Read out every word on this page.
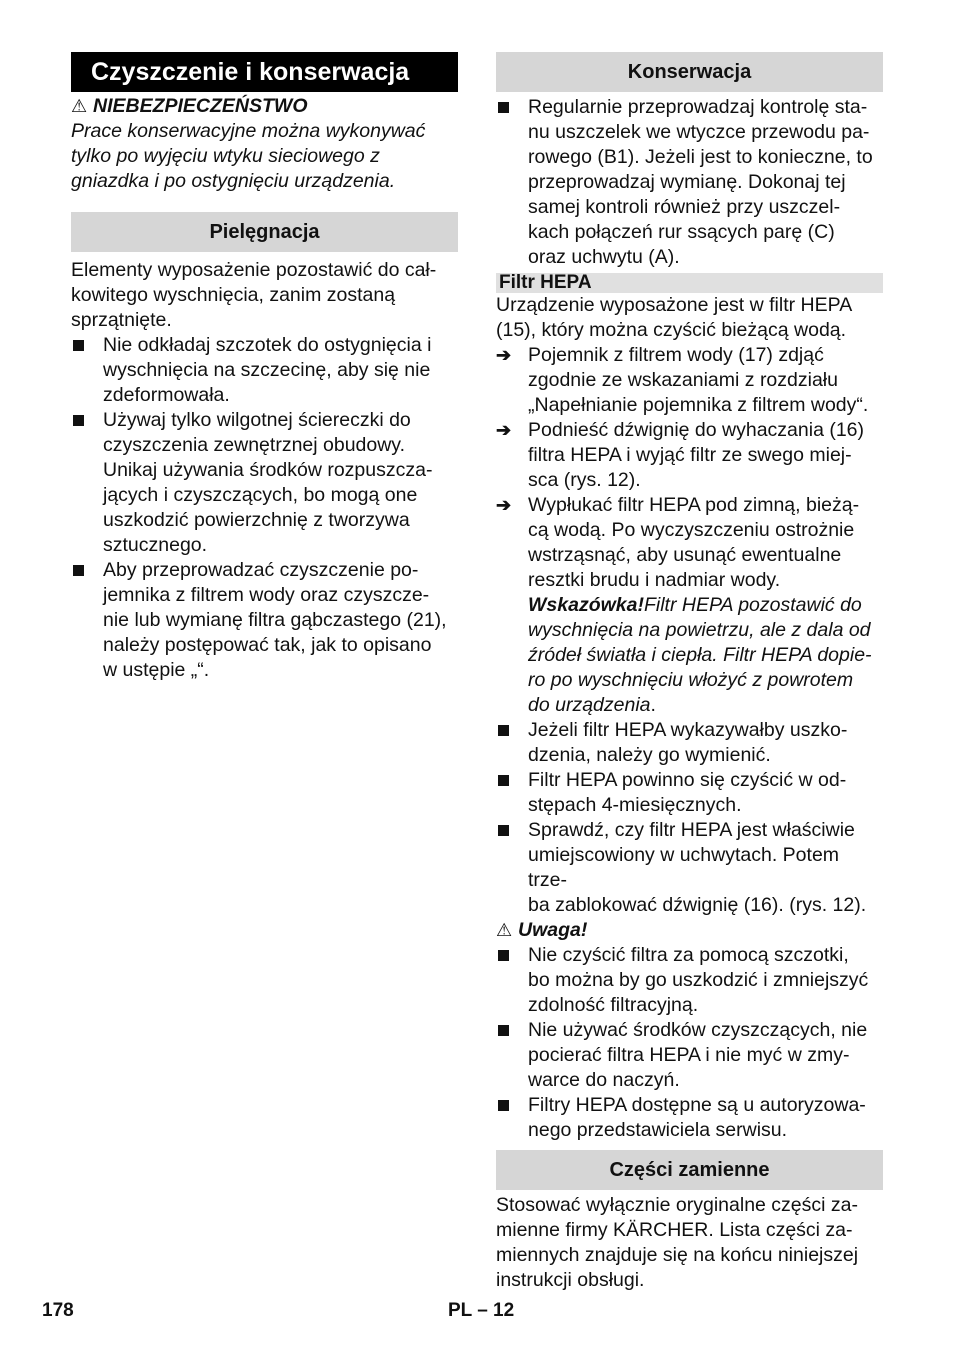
Czyszczenie i konserwacja
⚠ NIEBEZPIECZEŃSTWO
Prace konserwacyjne można wykonywać
tylko po wyjęciu wtyku sieciowego z
gniazdka i po ostygnięciu urządzenia.
Pielęgnacja
Elementy wyposażenie pozostawić do cał-
kowitego wyschnięcia, zanim zostaną
sprzątnięte.
Nie odkładaj szczotek do ostygnięcia i
wyschnięcia na szczecinę, aby się nie
zdeformowała.
Używaj tylko wilgotnej ściereczki do
czyszczenia zewnętrznej obudowy.
Unikaj używania środków rozpuszcza-
jących i czyszczących, bo mogą one
uszkodzić powierzchnię z tworzywa
sztucznego.
Aby przeprowadzać czyszczenie po-
jemnika z filtrem wody oraz czyszcze-
nie lub wymianę filtra gąbczastego (21),
należy postępować tak, jak to opisano
w ustępie „“.
Konserwacja
Regularnie przeprowadzaj kontrolę sta-
nu uszczelek we wtyczce przewodu pa-
rowego (B1). Jeżeli jest to konieczne, to
przeprowadzaj wymianę. Dokonaj tej
samej kontroli również przy uszczel-
kach połączeń rur ssących parę (C)
oraz uchwytu (A).
Filtr HEPA
Urządzenie wyposażone jest w filtr HEPA
(15), który można czyścić bieżącą wodą.
➔ Pojemnik z filtrem wody (17) zdjąć
zgodnie ze wskazaniami z rozdziału
„Napełnianie pojemnika z filtrem wody“.
➔ Podnieść dźwignię do wyhaczania (16)
filtra HEPA i wyjąć filtr ze swego miej-
sca (rys. 12).
➔ Wypłukać filtr HEPA pod zimną, bieżą-
cą wodą. Po wyczyszczeniu ostrożnie
wstrząsnąć, aby usunąć ewentualne
resztki brudu i nadmiar wody.
Wskazówka!Filtr HEPA pozostawić do
wyschnięcia na powietrzu, ale z dala od
źródeł światła i ciepła. Filtr HEPA dopie-
ro po wyschnięciu włożyć z powrotem
do urządzenia.
Jeżeli filtr HEPA wykazywałby uszko-
dzenia, należy go wymienić.
Filtr HEPA powinno się czyścić w od-
stępach 4-miesięcznych.
Sprawdź, czy filtr HEPA jest właściwie
umiejscowiony w uchwytach. Potem trze-
ba zablokować dźwignię (16). (rys. 12).
⚠ Uwaga!
Nie czyścić filtra za pomocą szczotki,
bo można by go uszkodzić i zmniejszyć
zdolność filtracyjną.
Nie używać środków czyszczących, nie
pocierać filtra HEPA i nie myć w zmy-
warce do naczyń.
Filtry HEPA dostępne są u autoryzowa-
nego przedstawiciela serwisu.
Części zamienne
Stosować wyłącznie oryginalne części za-
mienne firmy KÄRCHER. Lista części za-
miennych znajduje się na końcu niniejszej
instrukcji obsługi.
178	PL – 12
